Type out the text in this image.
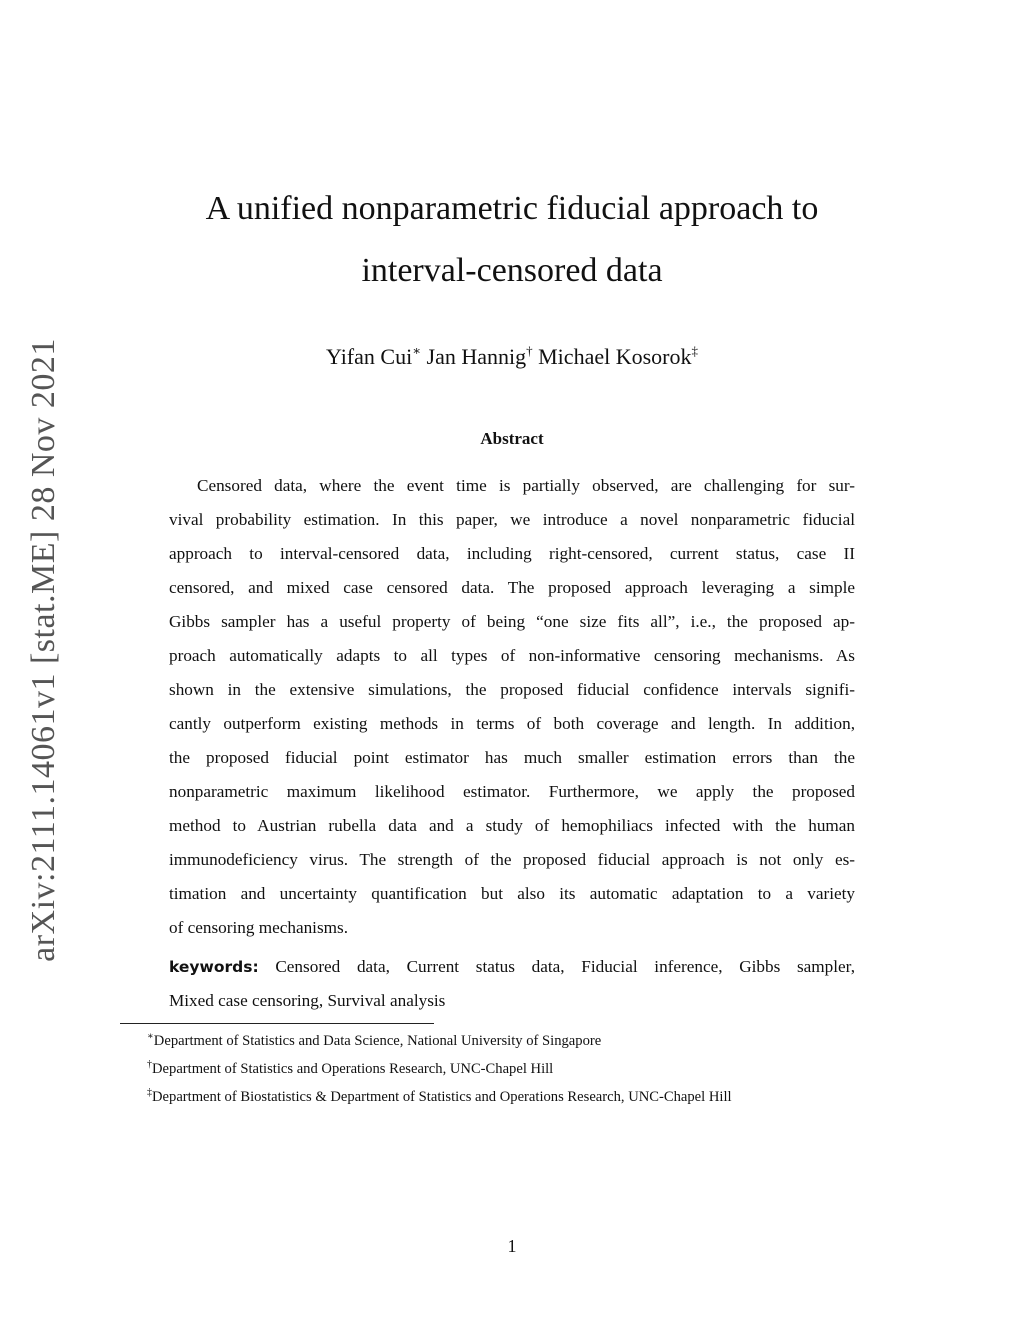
arXiv:2111.14061v1 [stat.ME] 28 Nov 2021
A unified nonparametric fiducial approach to
interval-censored data
Yifan Cui∗ Jan Hannig† Michael Kosorok‡
Abstract
Censored data, where the event time is partially observed, are challenging for sur-
vival probability estimation. In this paper, we introduce a novel nonparametric fiducial
approach to interval-censored data, including right-censored, current status, case II
censored, and mixed case censored data. The proposed approach leveraging a simple
Gibbs sampler has a useful property of being “one size fits all”, i.e., the proposed ap-
proach automatically adapts to all types of non-informative censoring mechanisms. As
shown in the extensive simulations, the proposed fiducial confidence intervals signifi-
cantly outperform existing methods in terms of both coverage and length. In addition,
the proposed fiducial point estimator has much smaller estimation errors than the
nonparametric maximum likelihood estimator. Furthermore, we apply the proposed
method to Austrian rubella data and a study of hemophiliacs infected with the human
immunodeficiency virus. The strength of the proposed fiducial approach is not only es-
timation and uncertainty quantification but also its automatic adaptation to a variety
of censoring mechanisms.
keywords: Censored data, Current status data, Fiducial inference, Gibbs sampler,
Mixed case censoring, Survival analysis
∗Department of Statistics and Data Science, National University of Singapore
†Department of Statistics and Operations Research, UNC-Chapel Hill
‡Department of Biostatistics & Department of Statistics and Operations Research, UNC-Chapel Hill
1
